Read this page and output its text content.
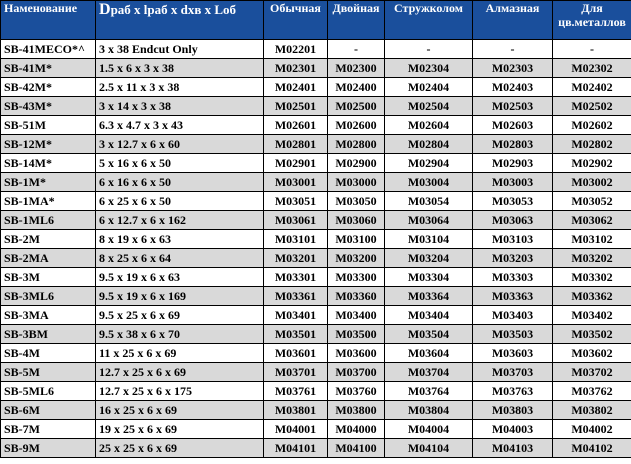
Наменование	Dраб x lраб x dхв x Lоб	Обычная	Двойная	Стружколом	Алмазная	Для
цв.металлов
SB-41MECO*^	3 x 38 Endcut Only	M02201	-	-	-	-
SB-41M*	1.5 x 6 x 3 x 38	M02301	M02300	M02304	M02303	M02302
SB-42M*	2.5 x 11 x 3 x 38	M02401	M02400	M02404	M02403	M02402
SB-43M*	3 x 14 x 3 x 38	M02501	M02500	M02504	M02503	M02502
SB-51M	6.3 x 4.7 x 3 x 43	M02601	M02600	M02604	M02603	M02602
SB-12M*	3 x 12.7 x 6 x 60	M02801	M02800	M02804	M02803	M02802
SB-14M*	5 x 16 x 6 x 50	M02901	M02900	M02904	M02903	M02902
SB-1M*	6 x 16 x 6 x 50	M03001	M03000	M03004	M03003	M03002
SB-1MA*	6 x 25 x 6 x 50	M03051	M03050	M03054	M03053	M03052
SB-1ML6	6 x 12.7 x 6 x 162	M03061	M03060	M03064	M03063	M03062
SB-2M	8 x 19 x 6 x 63	M03101	M03100	M03104	M03103	M03102
SB-2MA	8 x 25 x 6 x 64	M03201	M03200	M03204	M03203	M03202
SB-3M	9.5 x 19 x 6 x 63	M03301	M03300	M03304	M03303	M03302
SB-3ML6	9.5 x 19 x 6 x 169	M03361	M03360	M03364	M03363	M03362
SB-3MA	9.5 x 25 x 6 x 69	M03401	M03400	M03404	M03403	M03402
SB-3BM	9.5 x 38 x 6 x 70	M03501	M03500	M03504	M03503	M03502
SB-4M	11 x 25 x 6 x 69	M03601	M03600	M03604	M03603	M03602
SB-5M	12.7 x 25 x 6 x 69	M03701	M03700	M03704	M03703	M03702
SB-5ML6	12.7 x 25 x 6 x 175	M03761	M03760	M03764	M03763	M03762
SB-6M	16 x 25 x 6 x 69	M03801	M03800	M03804	M03803	M03802
SB-7M	19 x 25 x 6 x 69	M04001	M04000	M04004	M04003	M04002
SB-9M	25 x 25 x 6 x 69	M04101	M04100	M04104	M04103	M04102
